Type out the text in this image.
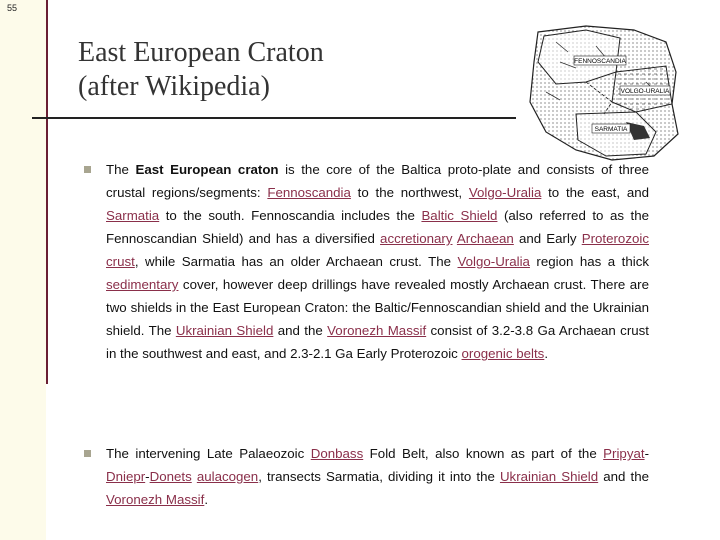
55
East European Craton
(after Wikipedia)
FENNOSCANDIA
VOLGO-URALIA
SARMATIA
The East European craton is the core of the Baltica proto-plate and consists of three crustal regions/segments: Fennoscandia to the northwest, Volgo-Uralia to the east, and Sarmatia to the south. Fennoscandia includes the Baltic Shield (also referred to as the Fennoscandian Shield) and has a diversified accretionary Archaean and Early Proterozoic crust, while Sarmatia has an older Archaean crust. The Volgo-Uralia region has a thick sedimentary cover, however deep drillings have revealed mostly Archaean crust. There are two shields in the East European Craton: the Baltic/Fennoscandian shield and the Ukrainian shield. The Ukrainian Shield and the Voronezh Massif consist of 3.2-3.8 Ga Archaean crust in the southwest and east, and 2.3-2.1 Ga Early Proterozoic orogenic belts.
The intervening Late Palaeozoic Donbass Fold Belt, also known as part of the Pripyat-Dniepr-Donets aulacogen, transects Sarmatia, dividing it into the Ukrainian Shield and the Voronezh Massif.
